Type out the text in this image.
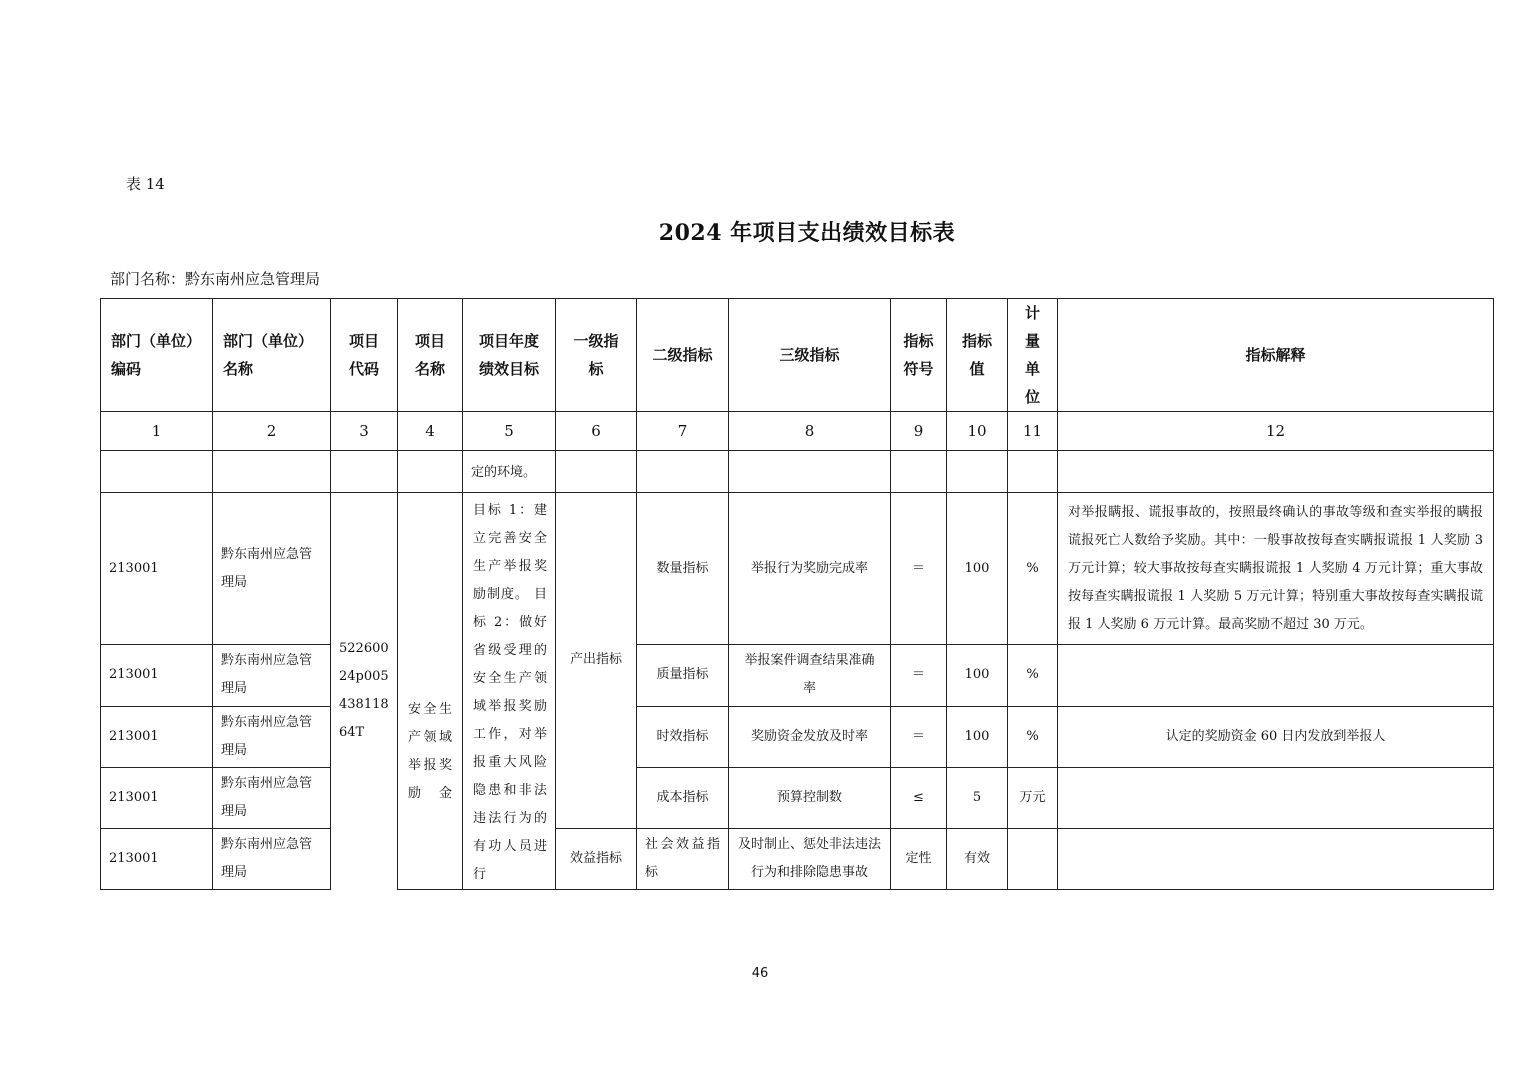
表 14
2024 年项目支出绩效目标表
部门名称：黔东南州应急管理局
部门（单位）编码	部门（单位）名称	项目代码	项目名称	项目年度绩效目标	一级指标	二级指标	三级指标	指标符号	指标值	计量单位	指标解释
1	2	3	4	5	6	7	8	9	10	11	12
				定的环境。							
213001	黔东南州应急管理局	52260024p00543811864T	安全生产领域举报奖励金	目标 1：建立完善安全生产举报奖励制度。 目标 2：做好省级受理的安全生产领域举报奖励工作，对举报重大风险隐患和非法违法行为的有功人员进行	产出指标	数量指标	举报行为奖励完成率	＝	100	%	对举报瞒报、谎报事故的，按照最终确认的事故等级和查实举报的瞒报谎报死亡人数给予奖励。其中：一般事故按每查实瞒报谎报 1 人奖励 3 万元计算；较大事故按每查实瞒报谎报 1 人奖励 4 万元计算；重大事故按每查实瞒报谎报 1 人奖励 5 万元计算；特别重大事故按每查实瞒报谎报 1 人奖励 6 万元计算。最高奖励不超过 30 万元。
213001	黔东南州应急管理局					质量指标	举报案件调查结果准确率	＝	100	%	
213001	黔东南州应急管理局					时效指标	奖励资金发放及时率	＝	100	%	认定的奖励资金 60 日内发放到举报人
213001	黔东南州应急管理局					成本指标	预算控制数	≤	5	万元	
213001	黔东南州应急管理局				效益指标	社会效益指标	及时制止、惩处非法违法行为和排除隐患事故	定性	有效		
46
